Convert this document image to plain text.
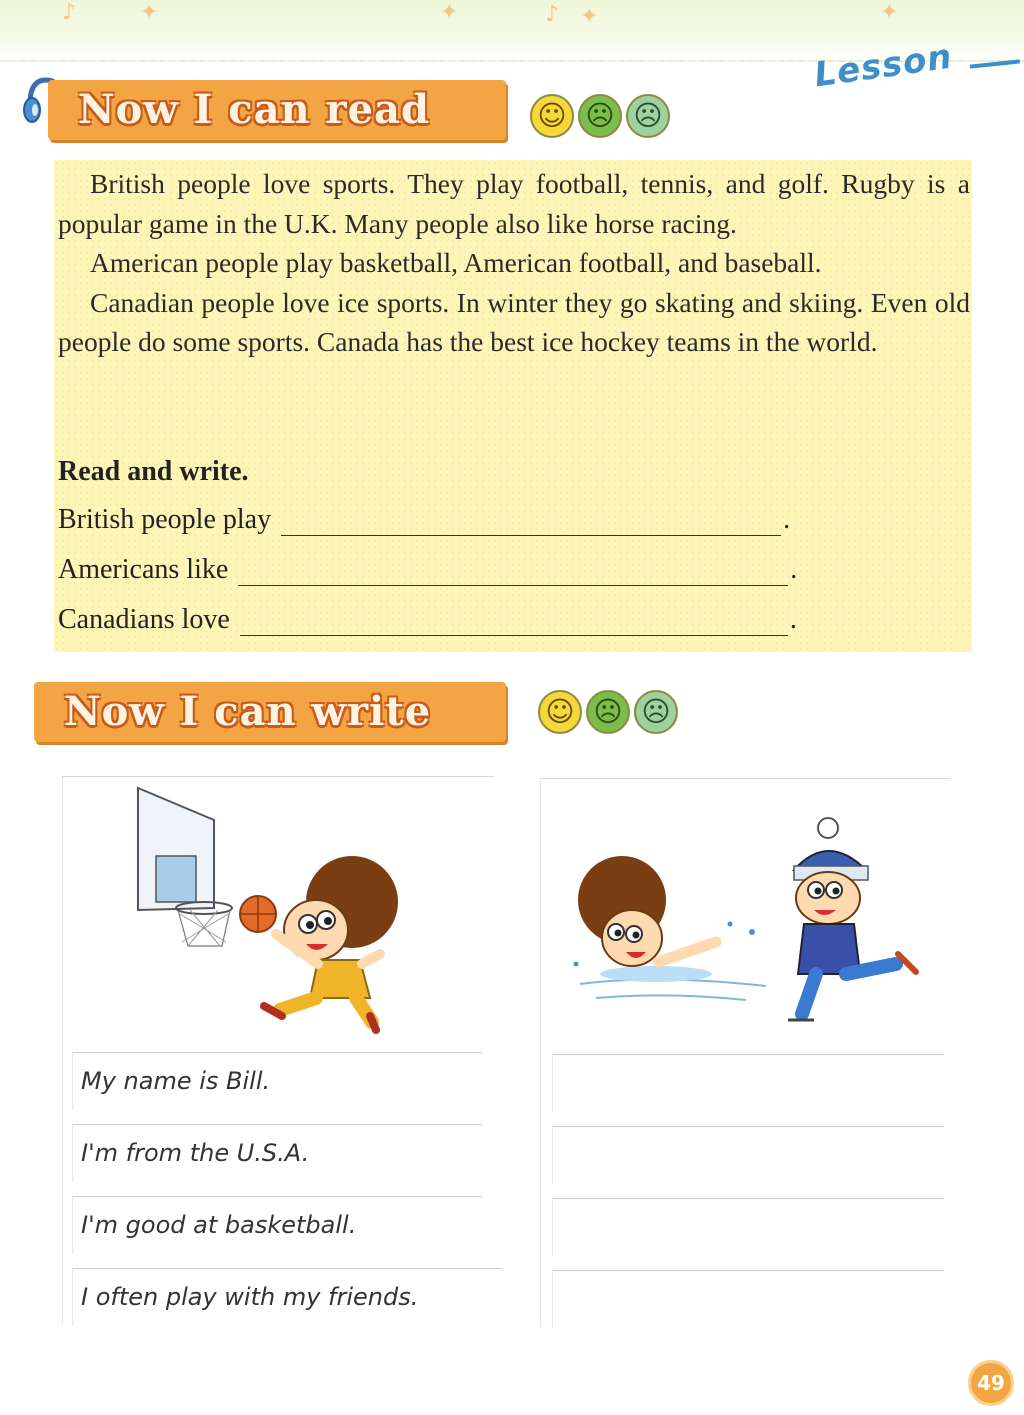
♪	✦	✦	♪ ✦	✦
Lesson
Now I can read	☺ ☹ ☹

British people love sports. They play football, tennis, and golf. Rugby is a popular game in the U.K. Many people also like horse racing.

American people play basketball, American football, and baseball.

Canadian people love ice sports. In winter they go skating and skiing. Even old people do some sports. Canada has the best ice hockey teams in the world.

Read and write.
British people play	.
Americans like	.
Canadians love	.
Now I can write	☺ ☹ ☹
My name is Bill.
I'm from the U.S.A.
I'm good at basketball.
I often play with my friends.
49
